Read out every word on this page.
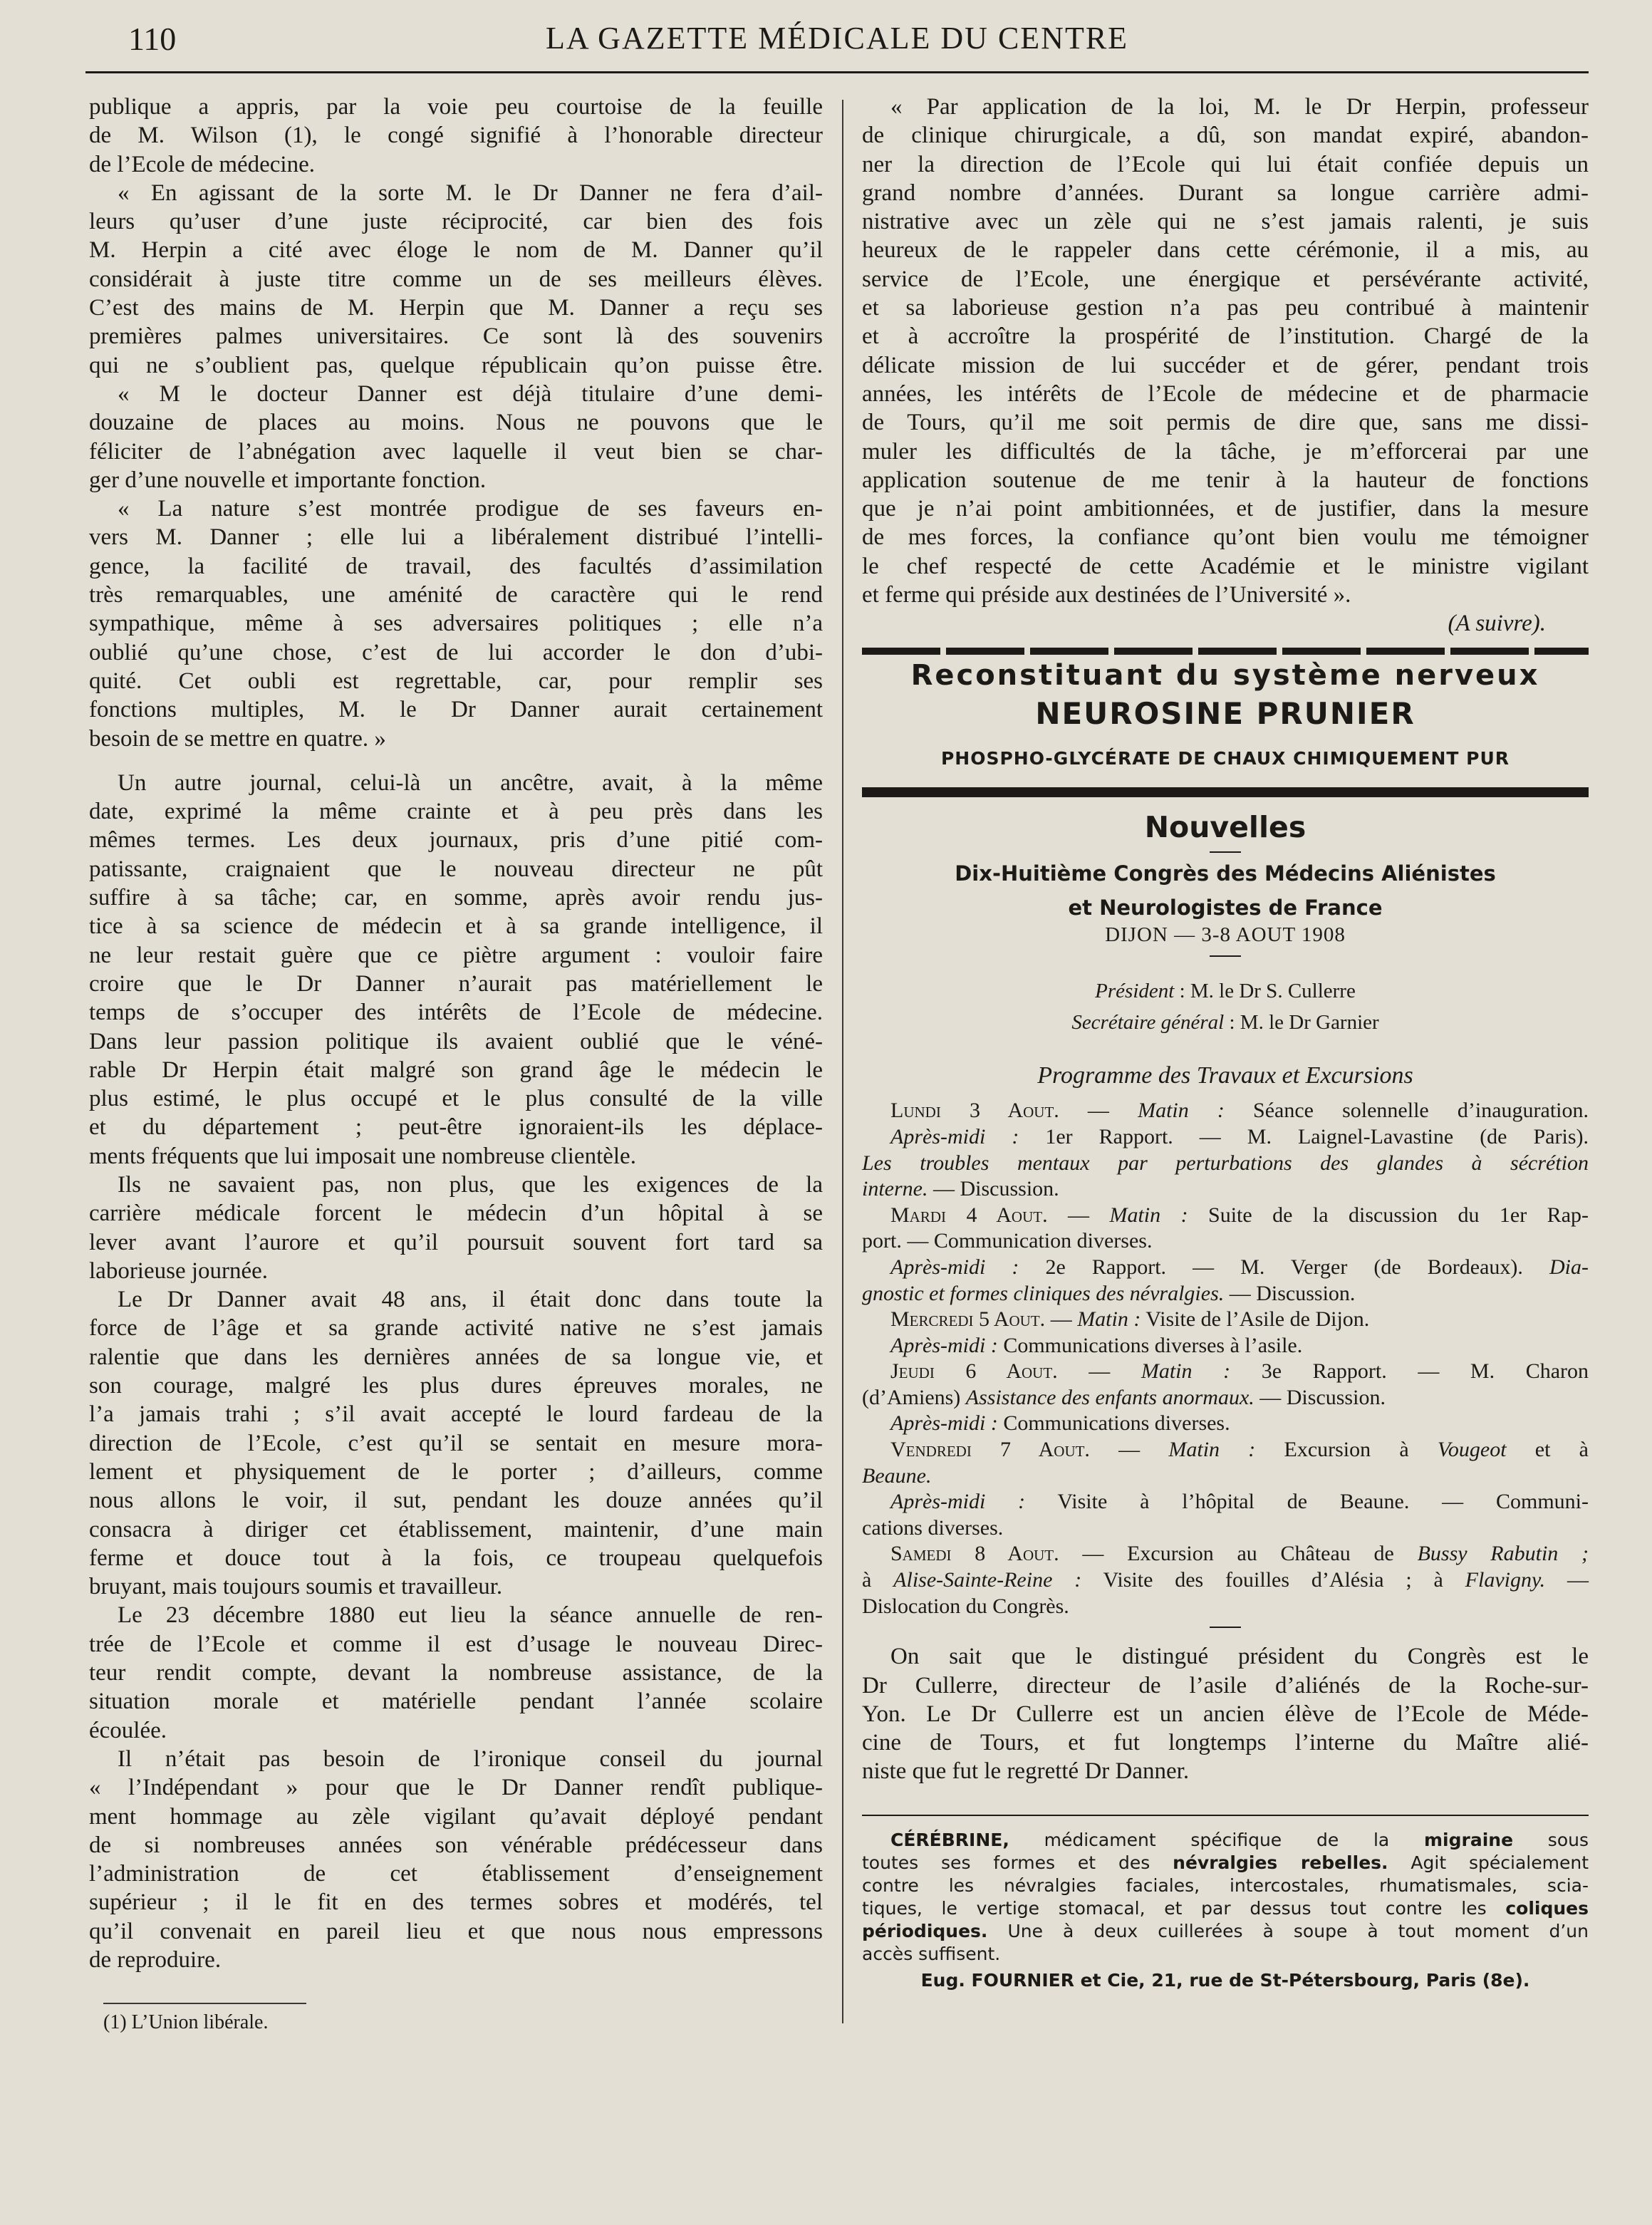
110	LA GAZETTE MÉDICALE DU CENTRE

publique a appris, par la voie peu courtoise de la feuille

de M. Wilson (1), le congé signifié à l’honorable directeur

de l’Ecole de médecine.

« En agissant de la sorte M. le Dr Danner ne fera d’ail-

leurs qu’user d’une juste réciprocité, car bien des fois

M. Herpin a cité avec éloge le nom de M. Danner qu’il

considérait à juste titre comme un de ses meilleurs élèves.

C’est des mains de M. Herpin que M. Danner a reçu ses

premières palmes universitaires. Ce sont là des souvenirs

qui ne s’oublient pas, quelque républicain qu’on puisse être.

« M le docteur Danner est déjà titulaire d’une demi-

douzaine de places au moins. Nous ne pouvons que le

féliciter de l’abnégation avec laquelle il veut bien se char-

ger d’une nouvelle et importante fonction.

« La nature s’est montrée prodigue de ses faveurs en-

vers M. Danner ; elle lui a libéralement distribué l’intelli-

gence, la facilité de travail, des facultés d’assimilation

très remarquables, une aménité de caractère qui le rend

sympathique, même à ses adversaires politiques ; elle n’a

oublié qu’une chose, c’est de lui accorder le don d’ubi-

quité. Cet oubli est regrettable, car, pour remplir ses

fonctions multiples, M. le Dr Danner aurait certainement

besoin de se mettre en quatre. »

Un autre journal, celui-là un ancêtre, avait, à la même

date, exprimé la même crainte et à peu près dans les

mêmes termes. Les deux journaux, pris d’une pitié com-

patissante, craignaient que le nouveau directeur ne pût

suffire à sa tâche; car, en somme, après avoir rendu jus-

tice à sa science de médecin et à sa grande intelligence, il

ne leur restait guère que ce piètre argument : vouloir faire

croire que le Dr Danner n’aurait pas matériellement le

temps de s’occuper des intérêts de l’Ecole de médecine.

Dans leur passion politique ils avaient oublié que le véné-

rable Dr Herpin était malgré son grand âge le médecin le

plus estimé, le plus occupé et le plus consulté de la ville

et du département ; peut-être ignoraient-ils les déplace-

ments fréquents que lui imposait une nombreuse clientèle.

Ils ne savaient pas, non plus, que les exigences de la

carrière médicale forcent le médecin d’un hôpital à se

lever avant l’aurore et qu’il poursuit souvent fort tard sa

laborieuse journée.

Le Dr Danner avait 48 ans, il était donc dans toute la

force de l’âge et sa grande activité native ne s’est jamais

ralentie que dans les dernières années de sa longue vie, et

son courage, malgré les plus dures épreuves morales, ne

l’a jamais trahi ; s’il avait accepté le lourd fardeau de la

direction de l’Ecole, c’est qu’il se sentait en mesure mora-

lement et physiquement de le porter ; d’ailleurs, comme

nous allons le voir, il sut, pendant les douze années qu’il

consacra à diriger cet établissement, maintenir, d’une main

ferme et douce tout à la fois, ce troupeau quelquefois

bruyant, mais toujours soumis et travailleur.

Le 23 décembre 1880 eut lieu la séance annuelle de ren-

trée de l’Ecole et comme il est d’usage le nouveau Direc-

teur rendit compte, devant la nombreuse assistance, de la

situation morale et matérielle pendant l’année scolaire

écoulée.

Il n’était pas besoin de l’ironique conseil du journal

« l’Indépendant » pour que le Dr Danner rendît publique-

ment hommage au zèle vigilant qu’avait déployé pendant

de si nombreuses années son vénérable prédécesseur dans

l’administration de cet établissement d’enseignement

supérieur ; il le fit en des termes sobres et modérés, tel

qu’il convenait en pareil lieu et que nous nous empressons

de reproduire.

(1) L’Union libérale.

« Par application de la loi, M. le Dr Herpin, professeur

de clinique chirurgicale, a dû, son mandat expiré, abandon-

ner la direction de l’Ecole qui lui était confiée depuis un

grand nombre d’années. Durant sa longue carrière admi-

nistrative avec un zèle qui ne s’est jamais ralenti, je suis

heureux de le rappeler dans cette cérémonie, il a mis, au

service de l’Ecole, une énergique et persévérante activité,

et sa laborieuse gestion n’a pas peu contribué à maintenir

et à accroître la prospérité de l’institution. Chargé de la

délicate mission de lui succéder et de gérer, pendant trois

années, les intérêts de l’Ecole de médecine et de pharmacie

de Tours, qu’il me soit permis de dire que, sans me dissi-

muler les difficultés de la tâche, je m’efforcerai par une

application soutenue de me tenir à la hauteur de fonctions

que je n’ai point ambitionnées, et de justifier, dans la mesure

de mes forces, la confiance qu’ont bien voulu me témoigner

le chef respecté de cette Académie et le ministre vigilant

et ferme qui préside aux destinées de l’Université ».

(A suivre).
Reconstituant du système nerveux
NEUROSINE PRUNIER
PHOSPHO-GLYCÉRATE DE CHAUX CHIMIQUEMENT PUR
Nouvelles
Dix-Huitième Congrès des Médecins Aliénistes
et Neurologistes de France
DIJON — 3-8 AOUT 1908
Président : M. le Dr S. Cullerre
Secrétaire général : M. le Dr Garnier
Programme des Travaux et Excursions

Lundi 3 Aout. — Matin : Séance solennelle d’inauguration.

Après-midi : 1er Rapport. — M. Laignel-Lavastine (de Paris).

Les troubles mentaux par perturbations des glandes à sécrétion

interne. — Discussion.

Mardi 4 Aout. — Matin : Suite de la discussion du 1er Rap-

port. — Communication diverses.

Après-midi : 2e Rapport. — M. Verger (de Bordeaux). Dia-

gnostic et formes cliniques des névralgies. — Discussion.

Mercredi 5 Aout. — Matin : Visite de l’Asile de Dijon.

Après-midi : Communications diverses à l’asile.

Jeudi 6 Aout. — Matin : 3e Rapport. — M. Charon

(d’Amiens) Assistance des enfants anormaux. — Discussion.

Après-midi : Communications diverses.

Vendredi 7 Aout. — Matin : Excursion à Vougeot et à

Beaune.

Après-midi : Visite à l’hôpital de Beaune. — Communi-

cations diverses.

Samedi 8 Aout. — Excursion au Château de Bussy Rabutin ;

à Alise-Sainte-Reine : Visite des fouilles d’Alésia ; à Flavigny. —

Dislocation du Congrès.

On sait que le distingué président du Congrès est le

Dr Cullerre, directeur de l’asile d’aliénés de la Roche-sur-

Yon. Le Dr Cullerre est un ancien élève de l’Ecole de Méde-

cine de Tours, et fut longtemps l’interne du Maître alié-

niste que fut le regretté Dr Danner.

CÉRÉBRINE, médicament spécifique de la migraine sous

toutes ses formes et des névralgies rebelles. Agit spécialement

contre les névralgies faciales, intercostales, rhumatismales, scia-

tiques, le vertige stomacal, et par dessus tout contre les coliques

périodiques. Une à deux cuillerées à soupe à tout moment d’un

accès suffisent.

Eug. FOURNIER et Cie, 21, rue de St-Pétersbourg, Paris (8e).
